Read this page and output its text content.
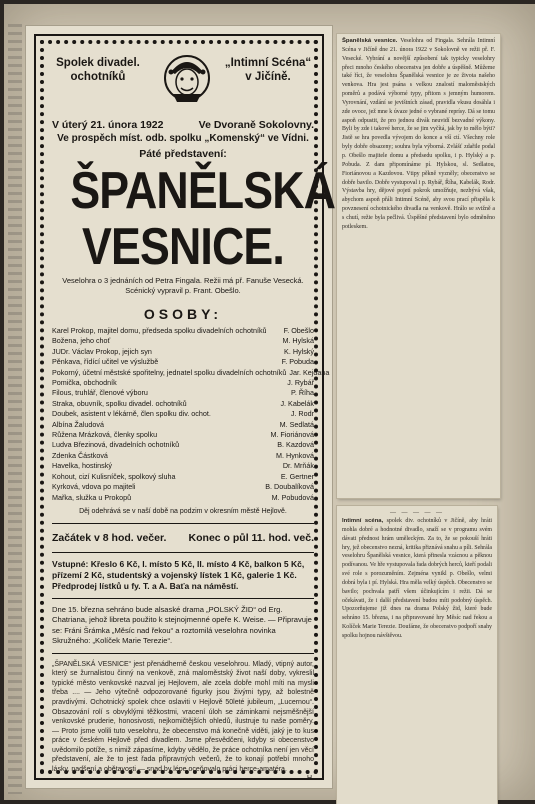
Spolek divadel. ochotníků
„Intimní Scéna“ v Jičíně.
V úterý 21. února 1922	Ve Dvoraně Sokolovny.
Ve prospěch míst. odb. spolku „Komenský“ ve Vídni.
Páté představení:
ŠPANĚLSKÁ
VESNICE.
Veselohra o 3 jednáních od Petra Fingala. Režii má př. Fanuše Vesecká.
Scénický vypravil p. Frant. Obešlo.
OSOBY:
Karel Prokop, majitel domu, předseda spolku divadelních ochotníků	F. Obešlo
Božena, jeho choť	M. Hylská
JUDr. Václav Prokop, jejich syn	K. Hylský
Pěnkava, řídící učitel ve výslužbě	F. Pobuda
Pokorný, účetní městské spořitelny, jednatel spolku divadelních ochotníků Jar. Kejdana
Pomička, obchodník	J. Rybář
Filous, truhlář, členové výboru	P. Říha
Straka, obuvník, spolku divadel. ochotníků	J. Kabelák
Doubek, asistent v lékárně, člen spolku div. ochot.	J. Rodr
Albína Žaludová	M. Sedlatá
Růžena Mrázková, členky spolku	M. Fioriánová
Ludva Březinová, divadelních ochotníků	B. Kazdová
Zdenka Částková	M. Hynková
Havelka, hostinský	Dr. Mrňák
Kohout, cizí Kulisníček, spolkový sluha	E. Gertner
Kyrková, vdova po majiteli	B. Doubalíková
Mařka, služka u Prokopů	M. Pobudová
Děj odehrává se v naší době na podzim v okresním městě Hejlově.
Začátek v 8 hod. večer. Konec o půl 11. hod. več.
Vstupné: Křeslo 6 Kč, I. místo 5 Kč, II. místo 4 Kč, balkon 5 Kč, přízemí 2 Kč, studentský a vojenský lístek 1 Kč, galerie 1 Kč. Předprodej lístků u fy. T. a A. Baťa na náměstí.
Dne 15. března sehráno bude alsaské drama „POLSKÝ ŽID“ od Erg. Chatriana, jehož libreta použito k stejnojmenné opeře K. Weise. — Připravuje se: Fráni Šrámka „Měsíc nad řekou“ a roztomilá veselohra novinka Skružného: „Kolíček Marie Terezie“.
„ŠPANĚLSKÁ VESNICE“ jest přenádherně českou veselohrou. Mladý, vtipný autor, který se žurnalistou činný na venkově, zná maloměstský život naší doby, vykreslil typické město venkovské nazval jej Hejlovem, ale zcela dobře mohl míti na mysli třeba .... — Jeho výtečně odpozorované figurky jsou živými typy, až bolestně pravdivými. Ochotnický spolek chce oslaviti v Hejlově 50leté jubileum, „Lucernou“. Obsazování rolí s obvyklými těžkostmi, vracení úloh se záminkami nejsměšnější venkovské pruderie, honosivosti, nejkomičtějších ohledů, ilustruje tu naše poměry. — Proto jsme volili tuto veselohru, že obecenstvo má konečně viděti, jaký je to kus práce v českém Hejlově před divadlem. Jsme přesvědčeni, kdyby si obecenstvo uvědomilo potíže, s nimiž zápasíme, kdyby vědělo, že práce ochotníka není jen věcí představení, ale že to jest řada přípravných večerů, že to konají potřebí mnoho lásky, nadšení a obětavosti — snad by lépe oceňovalo práci herce-amatéra.
H.
Španělská vesnice. Veselohra od Fingala. Sehrála Intimní Scéna v Jičíně dne 21. února 1922 v Sokolovně ve režii př. F. Vesecké. Vybrání a novější způsobení tak typicky veselohry přeci mnoho českého obecenstva jen dobře a úspěšně. Můžeme také říci, že veselohra Španělská vesnice je ze života našeho venkova. Hra jest psána s velkou znalostí maloměstských poměrů a podává výborné typy, přitom s jemným humorem. Vyrovnání, vzdání se jevištních zásad, pravidla vkusu dosáhla i zde ovoce, jež mne k úvaze jedné o vybrané reprísy. Dá se tomu aspoň odpustit, že pro jednou divák neuvidí bezvadné výkony. Byli by zde i takové herce, že se jim vyčítá, jak by to mělo býti? Jistě se hra povedla vývojem do konce a vší ctí. Všechny role byly dobře obsazeny; souhra byla výborná. Zvlášť zdařile podal p. Obešlo majitele domu a předsedu spolku, i p. Hylský a p. Pobuda. Z dam připomínáme pí. Hylskou, sl. Sedlatou, Fioriánovou a Kazdovou. Vtipy pěkně vyzněly; obecenstvo se dobře bavilo. Dobře vystupoval i p. Rybář, Říha, Kabelák, Rodr. Výstavba hry, dějové pojetí pokrok umožňuje, nezbývá však, abychom aspoň přáli Intimní Scéně, aby svou prací přispěla k povznesení ochotnického divadla na venkově. Hrálo se svižně a s chutí, režie byla pečlivá. Úspěšné představení bylo odměněno potleskem.
— — — — —
Intimní scéna, spolek div. ochotníků v Jičíně, aby hráti mohla dobré a hodnotné divadlo, snaží se v programu svém dávati přednost hrám uměleckým. Za to, že se pokouší hráti hry, jež obecenstvo nezná, kritika přiznává snahu a píli. Sehrála veselohru Španělská vesnice, která přinesla vzácnou a pěknou podívanou. Ve hře vystupovala řada dobrých herců, kteří podali své role s porozuměním. Zejména vynikl p. Obešlo, velmi dobrá byla i pí. Hylská. Hra měla velký úspěch. Obecenstvo se bavilo; pochvala patří všem účinkujícím i režii. Dá se očekávati, že i další představení budou míti podobný úspěch. Upozorňujeme již dnes na drama Polský žid, které bude sehráno 15. března, i na připravované hry Měsíc nad řekou a Kolíček Marie Terezie. Doufáme, že obecenstvo podpoří snahy spolku hojnou návštěvou.
